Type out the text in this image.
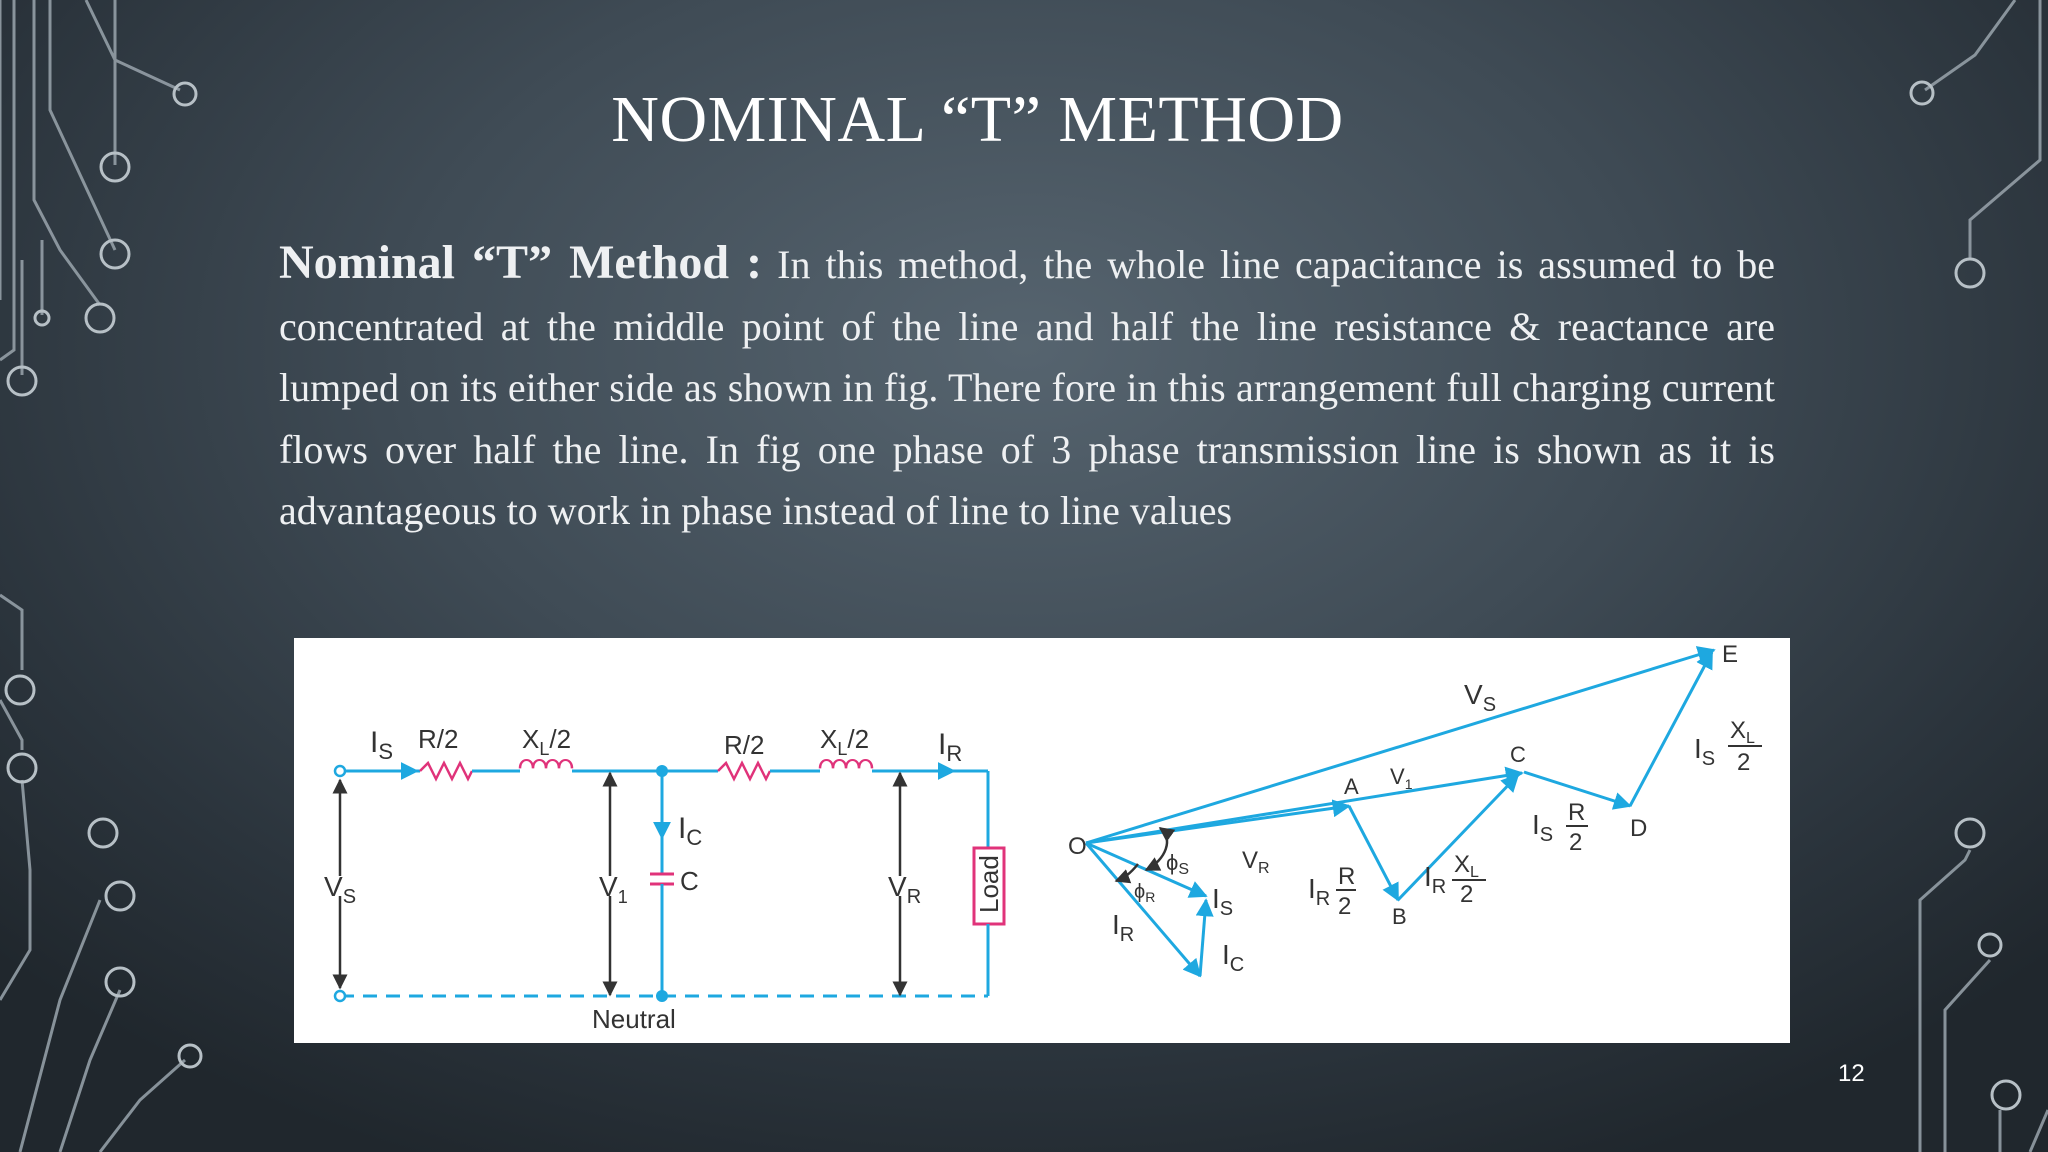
NOMINAL “T” METHOD
Nominal “T” Method : In this method, the whole line capacitance is assumed to be concentrated at the middle point of the line and half the line resistance & reactance are lumped on its either side as shown in fig. There fore in this arrangement full charging current flows over half the line. In fig one phase of 3 phase transmission line is shown as it is advantageous to work in phase instead of line to line values
$I_S$ R/2 $X_L/2$	R/2 $X_L/2$ $I_R$
$V_S$	$V_1$
$I_C$
C	$V_R$ Load
Neutral
O
A
B
C
D
E
$V_S$
$V_1$
$V_R$
ϕS
$\phi_R$ $I_S$
$I_R$
$I_C$
$I_R$
R
2
$I_R$
$X_L$
2
$I_S$
R
2
$I_S$
$X_L$
2
12
